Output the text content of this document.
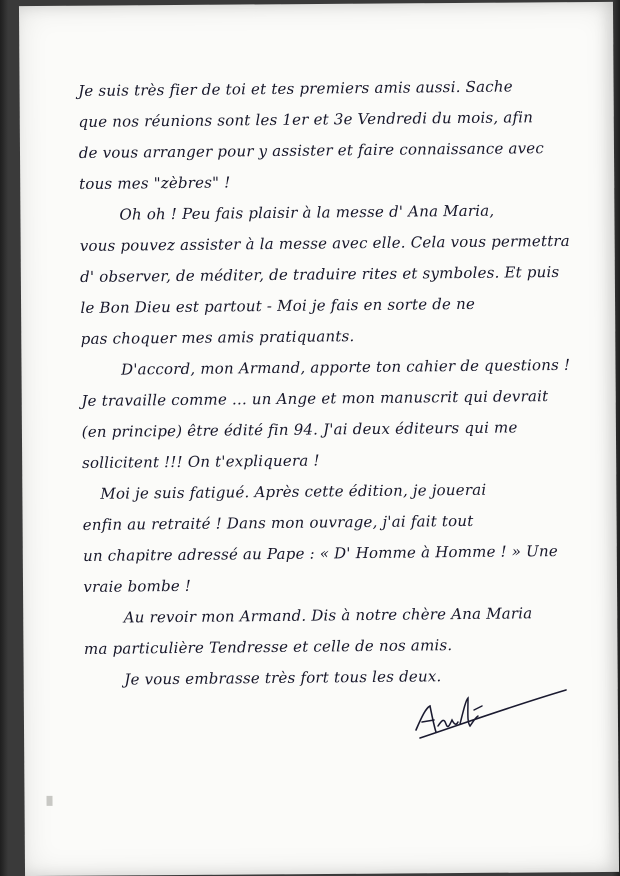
Je suis très fier de toi et tes premiers amis aussi. Sache
que nos réunions sont les 1er et 3e Vendredi du mois, afin
de vous arranger pour y assister et faire connaissance avec
tous mes "zèbres" !
Oh oh ! Peu fais plaisir à la messe d' Ana Maria,
vous pouvez assister à la messe avec elle. Cela vous permettra
d' observer, de méditer, de traduire rites et symboles. Et puis
le Bon Dieu est partout - Moi je fais en sorte de ne
pas choquer mes amis pratiquants.
D'accord, mon Armand, apporte ton cahier de questions !
Je travaille comme ... un Ange et mon manuscrit qui devrait
(en principe) être édité fin 94. J'ai deux éditeurs qui me
sollicitent !!! On t'expliquera !
Moi je suis fatigué. Après cette édition, je jouerai
enfin au retraité ! Dans mon ouvrage, j'ai fait tout
un chapitre adressé au Pape : « D' Homme à Homme ! » Une
vraie bombe !
Au revoir mon Armand. Dis à notre chère Ana Maria
ma particulière Tendresse et celle de nos amis.
Je vous embrasse très fort tous les deux.
